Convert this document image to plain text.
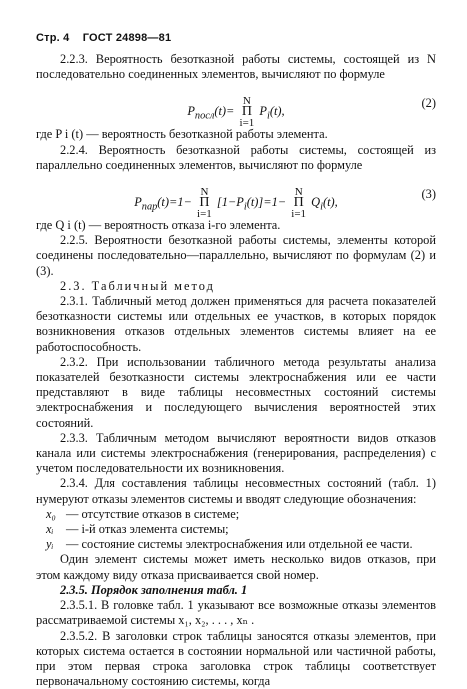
Стр. 4 ГОСТ 24898—81

2.2.3. Вероятность безотказной работы системы, состоящей из N последовательно соединенных элементов, вычисляют по формуле

$P_{посл}(t)= N$
Π
i=1 $P_i(t)$,
(2)

где P i (t) — вероятность безотказной работы элемента.

2.2.4. Вероятность безотказной работы системы, состоящей из параллельно соединенных элементов, вычисляют по формуле

$P_{пар}(t)=1- N$
Π
i=1 $[1-P_i(t)]=1- N$
Π
i=1 $Q_i(t)$,
(3)

где Q i (t) — вероятность отказа i-го элемента.

2.2.5. Вероятности безотказной работы системы, элементы которой соединены последовательно—параллельно, вычисляют по формулам (2) и (3).

2.3. Табличный метод

2.3.1. Табличный метод должен применяться для расчета показателей безотказности системы или отдельных ее участков, в которых порядок возникновения отказов отдельных элементов системы влияет на ее работоспособность.

2.3.2. При использовании табличного метода результаты анализа показателей безотказности системы электроснабжения или ее части представляют в виде таблицы несовместных состояний системы электроснабжения и последующего вычисления вероятностей этих состояний.

2.3.3. Табличным методом вычисляют вероятности видов отказов канала или системы электроснабжения (генерирования, распределения) с учетом последовательности их возникновения.

2.3.4. Для составления таблицы несовместных состояний (табл. 1) нумеруют отказы элементов системы и вводят следующие обозначения:

x₀ — отсутствие отказов в системе;
xᵢ	— i-й отказ элемента системы;
yᵢ	— состояние системы электроснабжения или отдельной ее части.

Один элемент системы может иметь несколько видов отказов, при этом каждому виду отказа присваивается свой номер.

2.3.5. Порядок заполнения табл. 1

2.3.5.1. В головке табл. 1 указывают все возможные отказы элементов рассматриваемой системы x₁, x₂, . . . , xₙ .

2.3.5.2. В заголовки строк таблицы заносятся отказы элементов, при которых система остается в состоянии нормальной или частичной работы, при этом первая строка заголовка строк таблицы соответствует первоначальному состоянию системы, когда
